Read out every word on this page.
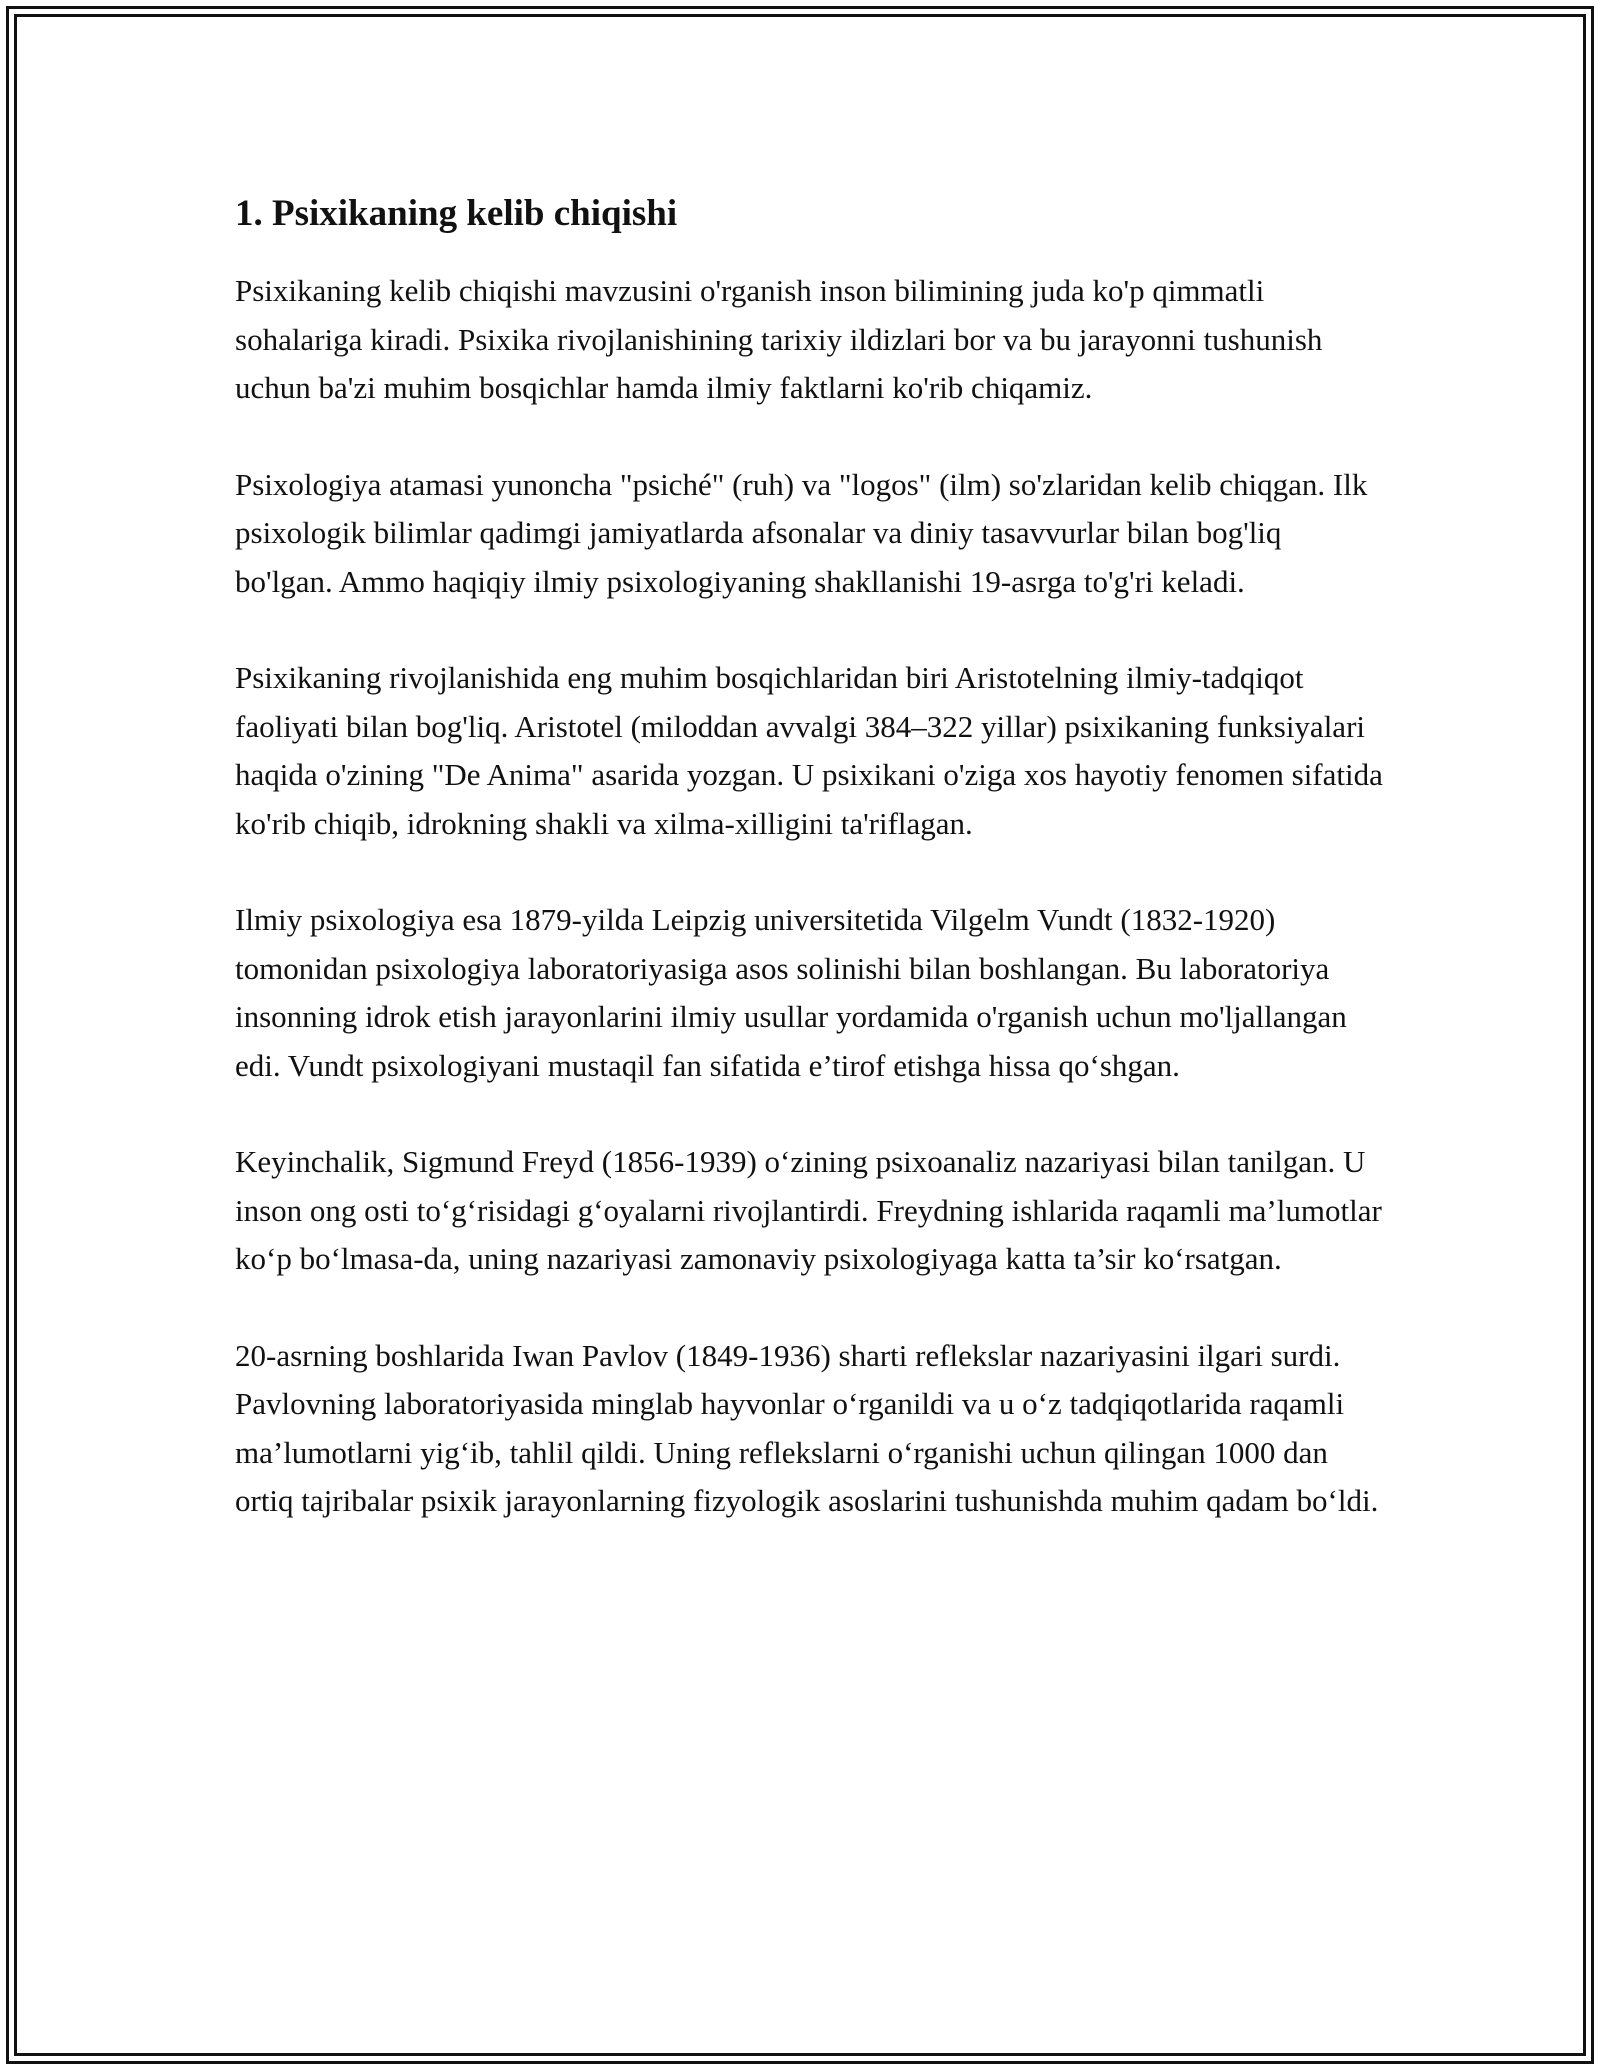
1. Psixikaning kelib chiqishi

Psixikaning kelib chiqishi mavzusini o'rganish inson bilimining juda ko'p qimmatli sohalariga kiradi. Psixika rivojlanishining tarixiy ildizlari bor va bu jarayonni tushunish uchun ba'zi muhim bosqichlar hamda ilmiy faktlarni ko'rib chiqamiz.

Psixologiya atamasi yunoncha "psiché" (ruh) va "logos" (ilm) so'zlaridan kelib chiqgan. Ilk psixologik bilimlar qadimgi jamiyatlarda afsonalar va diniy tasavvurlar bilan bog'liq bo'lgan. Ammo haqiqiy ilmiy psixologiyaning shakllanishi 19-asrga to'g'ri keladi.

Psixikaning rivojlanishida eng muhim bosqichlaridan biri Aristotelning ilmiy-tadqiqot faoliyati bilan bog'liq. Aristotel (miloddan avvalgi 384–322 yillar) psixikaning funksiyalari haqida o'zining "De Anima" asarida yozgan. U psixikani o'ziga xos hayotiy fenomen sifatida ko'rib chiqib, idrokning shakli va xilma-xilligini ta'riflagan.

Ilmiy psixologiya esa 1879-yilda Leipzig universitetida Vilgelm Vundt (1832-1920) tomonidan psixologiya laboratoriyasiga asos solinishi bilan boshlangan. Bu laboratoriya insonning idrok etish jarayonlarini ilmiy usullar yordamida o'rganish uchun mo'ljallangan edi. Vundt psixologiyani mustaqil fan sifatida e’tirof etishga hissa qo‘shgan.

Keyinchalik, Sigmund Freyd (1856-1939) o‘zining psixoanaliz nazariyasi bilan tanilgan. U inson ong osti to‘g‘risidagi g‘oyalarni rivojlantirdi. Freydning ishlarida raqamli ma’lumotlar ko‘p bo‘lmasa-da, uning nazariyasi zamonaviy psixologiyaga katta ta’sir ko‘rsatgan.

20-asrning boshlarida Iwan Pavlov (1849-1936) sharti reflekslar nazariyasini ilgari surdi. Pavlovning laboratoriyasida minglab hayvonlar o‘rganildi va u o‘z tadqiqotlarida raqamli ma’lumotlarni yig‘ib, tahlil qildi. Uning reflekslarni o‘rganishi uchun qilingan 1000 dan ortiq tajribalar psixik jarayonlarning fizyologik asoslarini tushunishda muhim qadam bo‘ldi.
